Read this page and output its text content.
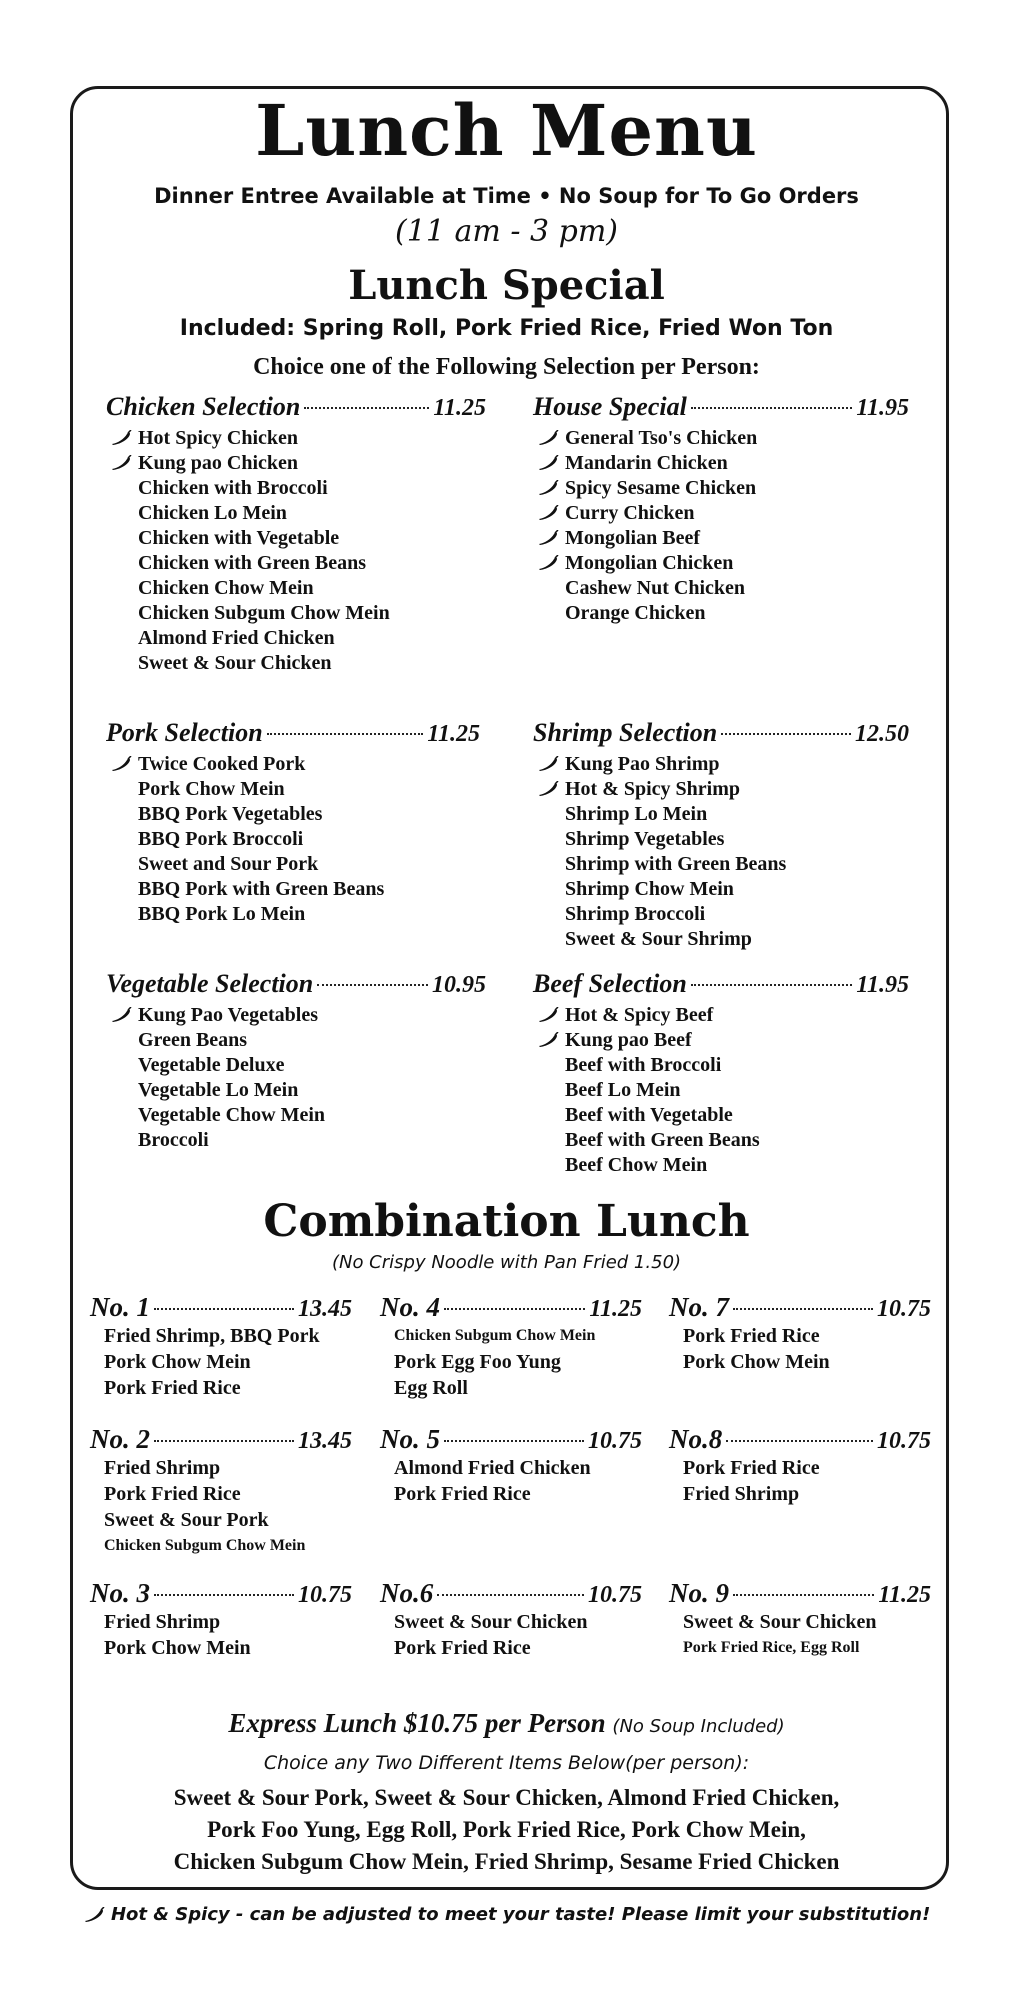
Lunch Menu
Dinner Entree Available at Time • No Soup for To Go Orders
(11 am - 3 pm)
Lunch Special
Included: Spring Roll, Pork Fried Rice, Fried Won Ton
Choice one of the Following Selection per Person:
Chicken Selection	11.25
Hot Spicy Chicken
Kung pao Chicken
Chicken with Broccoli
Chicken Lo Mein
Chicken with Vegetable
Chicken with Green Beans
Chicken Chow Mein
Chicken Subgum Chow Mein
Almond Fried Chicken
Sweet & Sour Chicken
House Special	11.95
General Tso's Chicken
Mandarin Chicken
Spicy Sesame Chicken
Curry Chicken
Mongolian Beef
Mongolian Chicken
Cashew Nut Chicken
Orange Chicken
Pork Selection	11.25
Twice Cooked Pork
Pork Chow Mein
BBQ Pork Vegetables
BBQ Pork Broccoli
Sweet and Sour Pork
BBQ Pork with Green Beans
BBQ Pork Lo Mein
Shrimp Selection	12.50
Kung Pao Shrimp
Hot & Spicy Shrimp
Shrimp Lo Mein
Shrimp Vegetables
Shrimp with Green Beans
Shrimp Chow Mein
Shrimp Broccoli
Sweet & Sour Shrimp
Vegetable Selection	10.95
Kung Pao Vegetables
Green Beans
Vegetable Deluxe
Vegetable Lo Mein
Vegetable Chow Mein
Broccoli
Beef Selection	11.95
Hot & Spicy Beef
Kung pao Beef
Beef with Broccoli
Beef Lo Mein
Beef with Vegetable
Beef with Green Beans
Beef Chow Mein
Combination Lunch
(No Crispy Noodle with Pan Fried 1.50)
No. 1	13.45
Fried Shrimp, BBQ Pork
Pork Chow Mein
Pork Fried Rice
No. 4	11.25
Chicken Subgum Chow Mein
Pork Egg Foo Yung
Egg Roll
No. 7	10.75
Pork Fried Rice
Pork Chow Mein
No. 2	13.45
Fried Shrimp
Pork Fried Rice
Sweet & Sour Pork
Chicken Subgum Chow Mein
No. 5	10.75
Almond Fried Chicken
Pork Fried Rice
No.8	10.75
Pork Fried Rice
Fried Shrimp
No. 3	10.75
Fried Shrimp
Pork Chow Mein
No.6	10.75
Sweet & Sour Chicken
Pork Fried Rice
No. 9	11.25
Sweet & Sour Chicken
Pork Fried Rice, Egg Roll
Express Lunch $10.75 per Person (No Soup Included)
Choice any Two Different Items Below(per person):
Sweet & Sour Pork, Sweet & Sour Chicken, Almond Fried Chicken,
Pork Foo Yung, Egg Roll, Pork Fried Rice, Pork Chow Mein,
Chicken Subgum Chow Mein, Fried Shrimp, Sesame Fried Chicken
Hot & Spicy - can be adjusted to meet your taste! Please limit your substitution!
